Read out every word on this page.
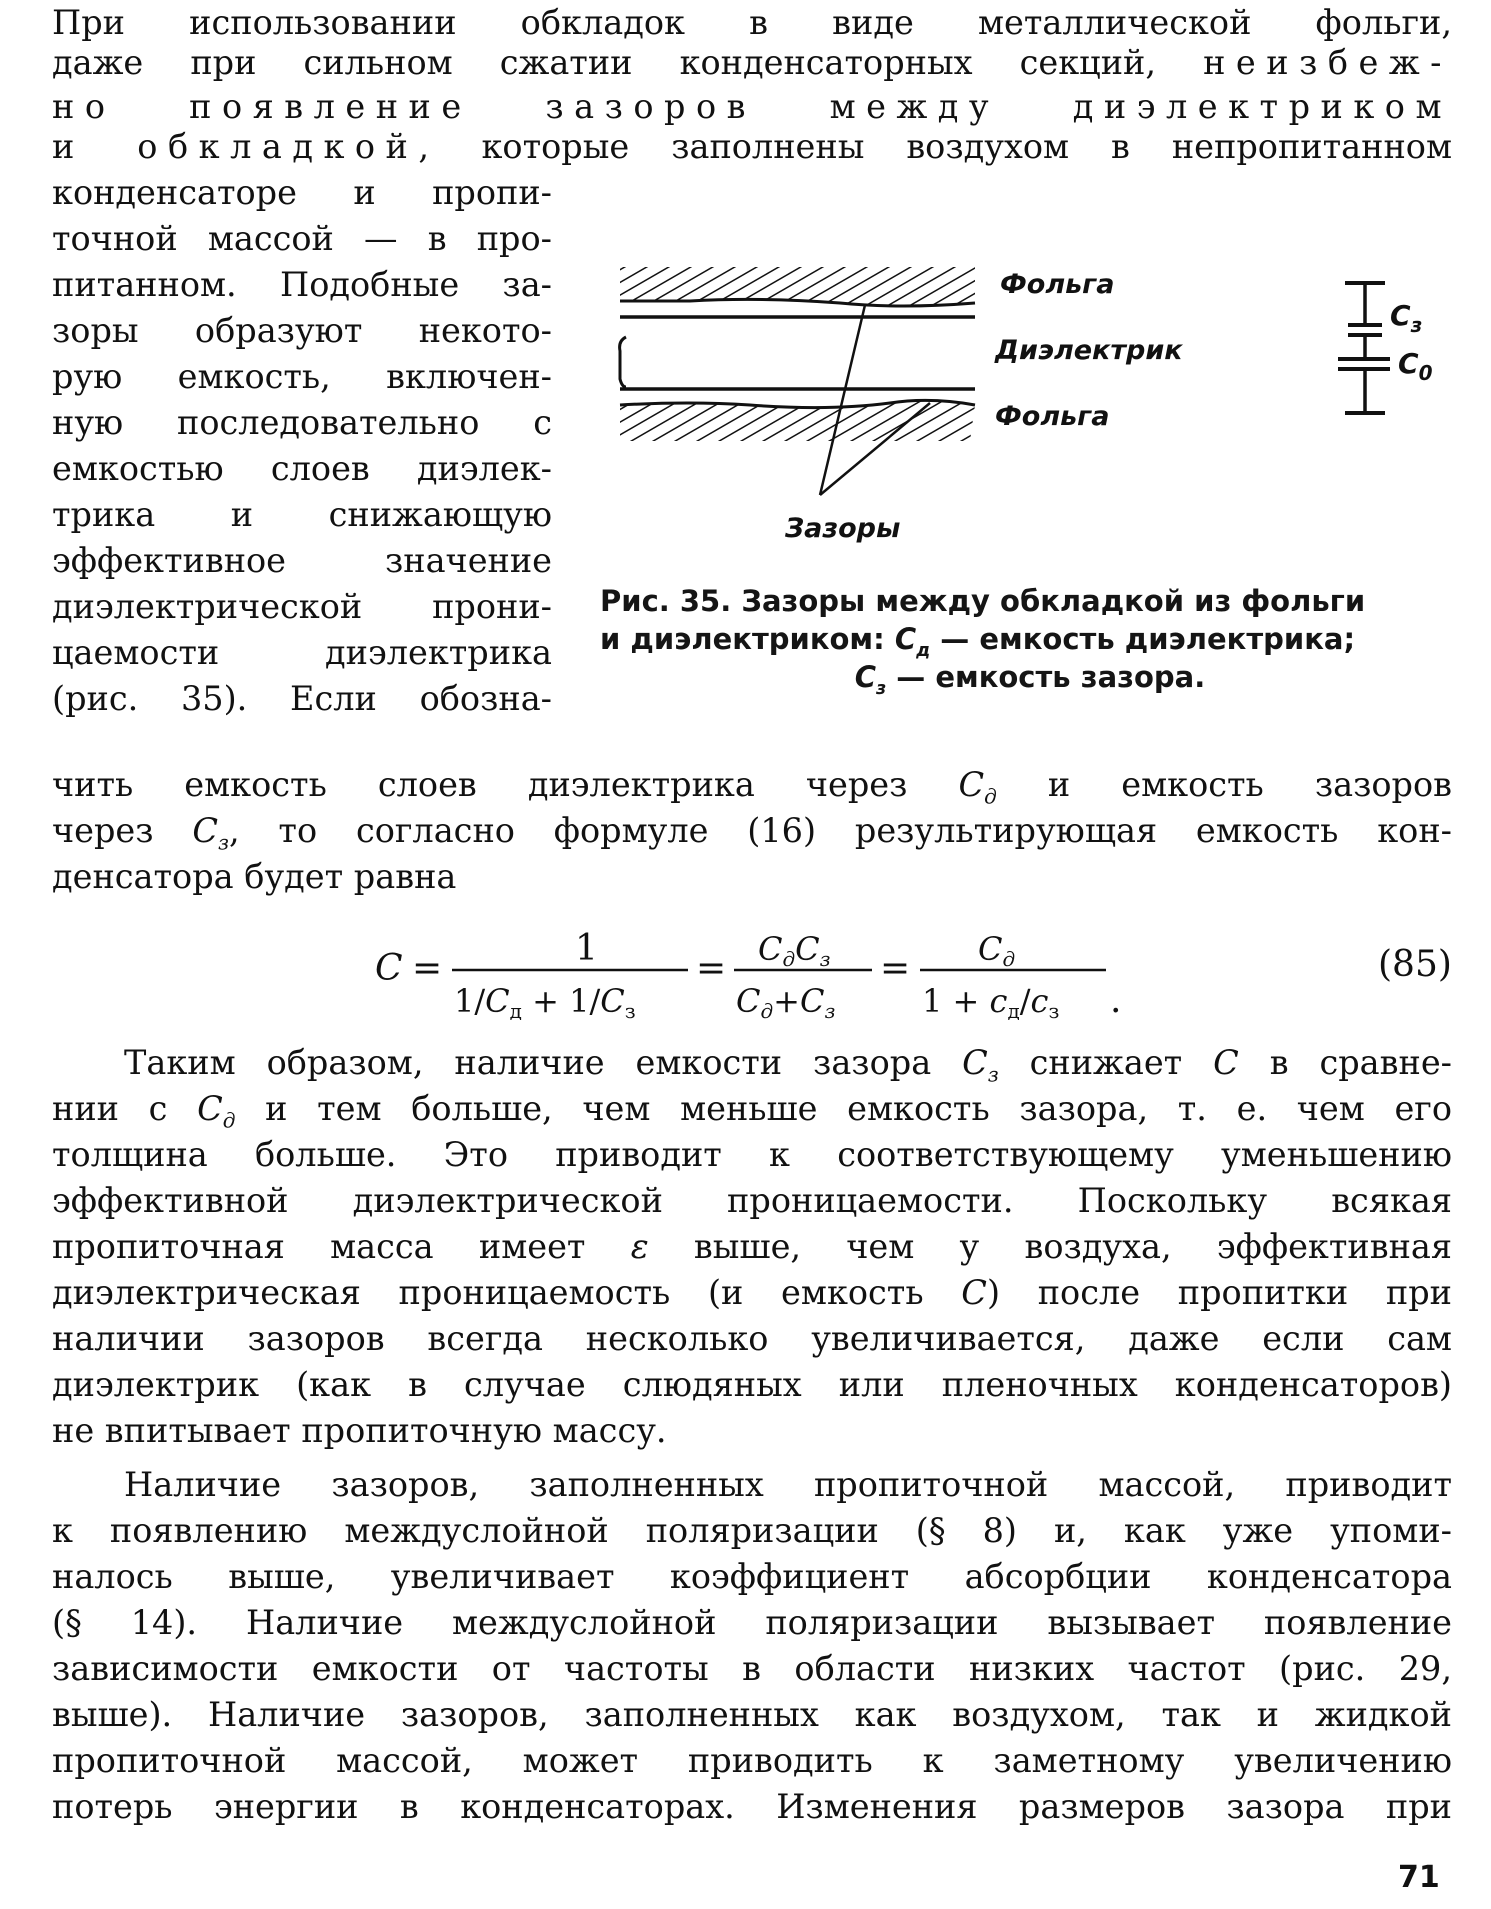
При использовании обкладок в виде металлической фольги,
даже при сильном сжатии конденсаторных секций, неизбеж-
но появление зазоров между диэлектриком
и обкладкой, которые заполнены воздухом в непропитанном
конденсаторе и пропи-
точной массой — в про-
питанном. Подобные за-
зоры образуют некото-
рую емкость, включен-
ную последовательно с
емкостью слоев диэлек-
трика и снижающую
эффективное значение
диэлектрической прони-
цаемости диэлектрика
(рис. 35). Если обозна-
Фольга
Диэлектрик
Фольга
Зазоры
$C_з$
$C_0$
Рис. 35. Зазоры между обкладкой из фольги
и диэлектриком: $C_д$ — емкость диэлектрика;
$C_з$ — емкость зазора.
чить емкость слоев диэлектрика через $C_д$ и емкость зазоров
через $C_з$, то согласно формуле (16) результирующая емкость кон-
денсатора будет равна
C =	1
1/Cд + 1/Cз
= CдCз
Cд+Cз
= Cд
1 + cд/cз .
(85)
Таким образом, наличие емкости зазора $C_з$ снижает C в сравне-
нии с $C_д$ и тем больше, чем меньше емкость зазора, т. е. чем его
толщина больше. Это приводит к соответствующему уменьшению
эффективной диэлектрической проницаемости. Поскольку всякая
пропиточная масса имеет ε выше, чем у воздуха, эффективная
диэлектрическая проницаемость (и емкость C) после пропитки при
наличии зазоров всегда несколько увеличивается, даже если сам
диэлектрик (как в случае слюдяных или пленочных конденсаторов)
не впитывает пропиточную массу.
Наличие зазоров, заполненных пропиточной массой, приводит
к появлению междуслойной поляризации (§ 8) и, как уже упоми-
налось выше, увеличивает коэффициент абсорбции конденсатора
(§ 14). Наличие междуслойной поляризации вызывает появление
зависимости емкости от частоты в области низких частот (рис. 29,
выше). Наличие зазоров, заполненных как воздухом, так и жидкой
пропиточной массой, может приводить к заметному увеличению
потерь энергии в конденсаторах. Изменения размеров зазора при
71
